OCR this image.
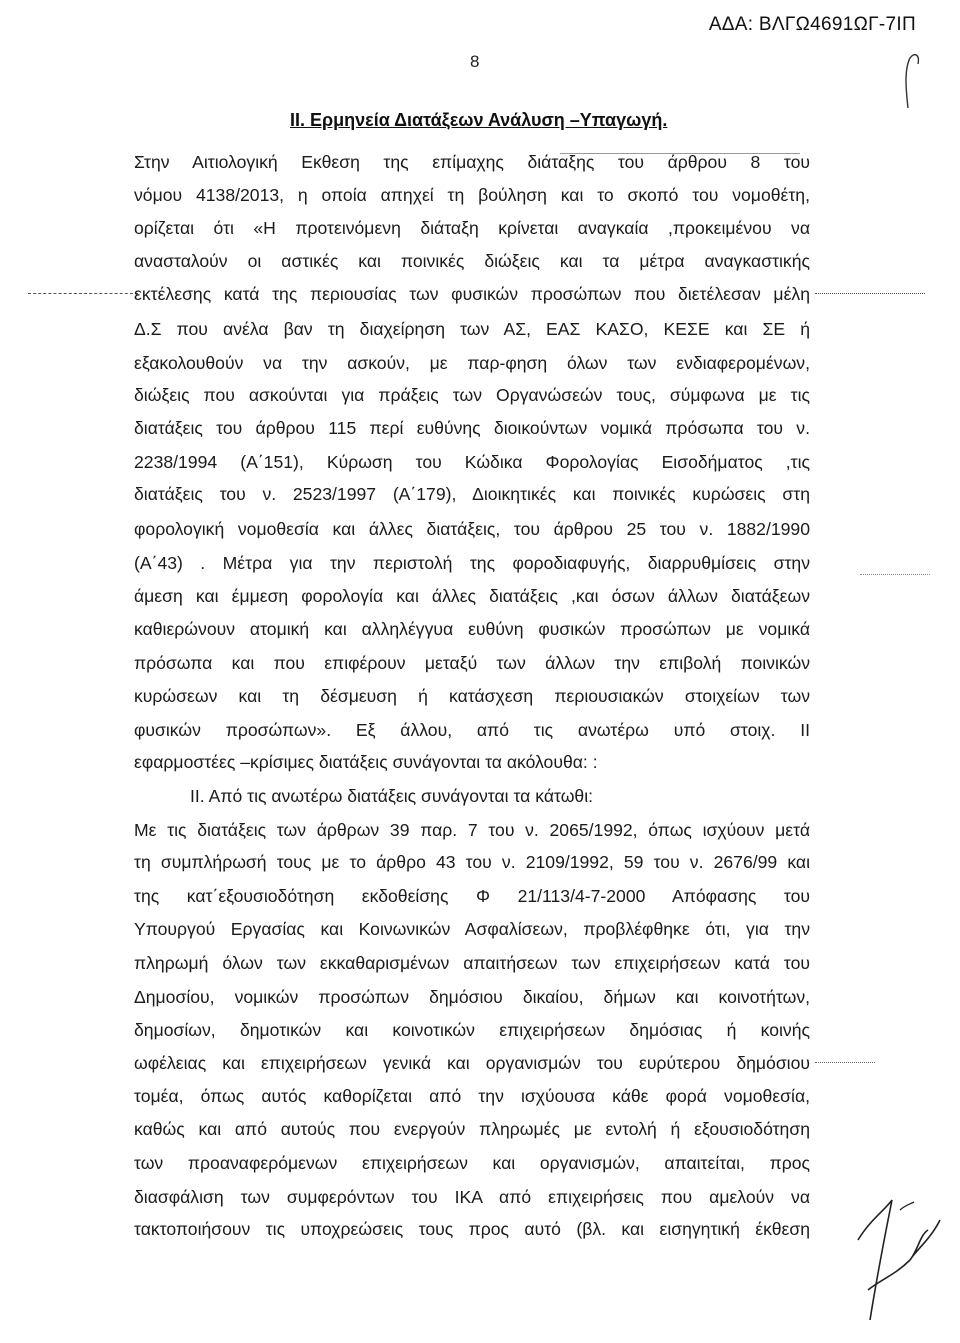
ΑΔΑ: ΒΛΓΩ4691ΩΓ-7ΙΠ
8
ΙΙ. Ερμηνεία Διατάξεων Ανάλυση –Υπαγωγή.
Στην Αιτιολογική Εκθεση της επίμαχης διάταξης του άρθρου 8 του
νόμου 4138/2013, η οποία απηχεί τη βούληση και το σκοπό του νομοθέτη,
ορίζεται ότι «Η προτεινόμενη διάταξη κρίνεται αναγκαία ,προκειμένου να
ανασταλούν οι αστικές και ποινικές διώξεις και τα μέτρα αναγκαστικής
εκτέλεσης κατά της περιουσίας των φυσικών προσώπων που διετέλεσαν μέλη
Δ.Σ που ανέλα βαν τη διαχείρηση των ΑΣ, ΕΑΣ ΚΑΣΟ, ΚΕΣΕ και ΣΕ ή
εξακολουθούν να την ασκούν, με παρ-φηση όλων των ενδιαφερομένων,
διώξεις που ασκούνται για πράξεις των Οργανώσεών τους, σύμφωνα με τις
διατάξεις του άρθρου 115 περί ευθύνης διοικούντων νομικά πρόσωπα του ν.
2238/1994 (Α΄151), Κύρωση του Κώδικα Φορολογίας Εισοδήματος ,τις
διατάξεις του ν. 2523/1997 (Α΄179), Διοικητικές και ποινικές κυρώσεις στη
φορολογική νομοθεσία και άλλες διατάξεις, του άρθρου 25 του ν. 1882/1990
(Α΄43) . Μέτρα για την περιστολή της φοροδιαφυγής, διαρρυθμίσεις στην
άμεση και έμμεση φορολογία και άλλες διατάξεις ,και όσων άλλων διατάξεων
καθιερώνουν ατομική και αλληλέγγυα ευθύνη φυσικών προσώπων με νομικά
πρόσωπα και που επιφέρουν μεταξύ των άλλων την επιβολή ποινικών
κυρώσεων και τη δέσμευση ή κατάσχεση περιουσιακών στοιχείων των
φυσικών προσώπων». Εξ άλλου, από τις ανωτέρω υπό στοιχ. ΙΙ
εφαρμοστέες –κρίσιμες διατάξεις συνάγονται τα ακόλουθα: :
ΙΙ. Από τις ανωτέρω διατάξεις συνάγονται τα κάτωθι:
Με τις διατάξεις των άρθρων 39 παρ. 7 του ν. 2065/1992, όπως ισχύουν μετά
τη συμπλήρωσή τους με το άρθρο 43 του ν. 2109/1992, 59 του ν. 2676/99 και
της κατ΄εξουσιοδότηση εκδοθείσης Φ 21/113/4-7-2000 Απόφασης του
Υπουργού Εργασίας και Κοινωνικών Ασφαλίσεων, προβλέφθηκε ότι, για την
πληρωμή όλων των εκκαθαρισμένων απαιτήσεων των επιχειρήσεων κατά του
Δημοσίου, νομικών προσώπων δημόσιου δικαίου, δήμων και κοινοτήτων,
δημοσίων, δημοτικών και κοινοτικών επιχειρήσεων δημόσιας ή κοινής
ωφέλειας και επιχειρήσεων γενικά και οργανισμών του ευρύτερου δημόσιου
τομέα, όπως αυτός καθορίζεται από την ισχύουσα κάθε φορά νομοθεσία,
καθώς και από αυτούς που ενεργούν πληρωμές με εντολή ή εξουσιοδότηση
των προαναφερόμενων επιχειρήσεων και οργανισμών, απαιτείται, προς
διασφάλιση των συμφερόντων του ΙΚΑ από επιχειρήσεις που αμελούν να
τακτοποιήσουν τις υποχρεώσεις τους προς αυτό (βλ. και εισηγητική έκθεση
